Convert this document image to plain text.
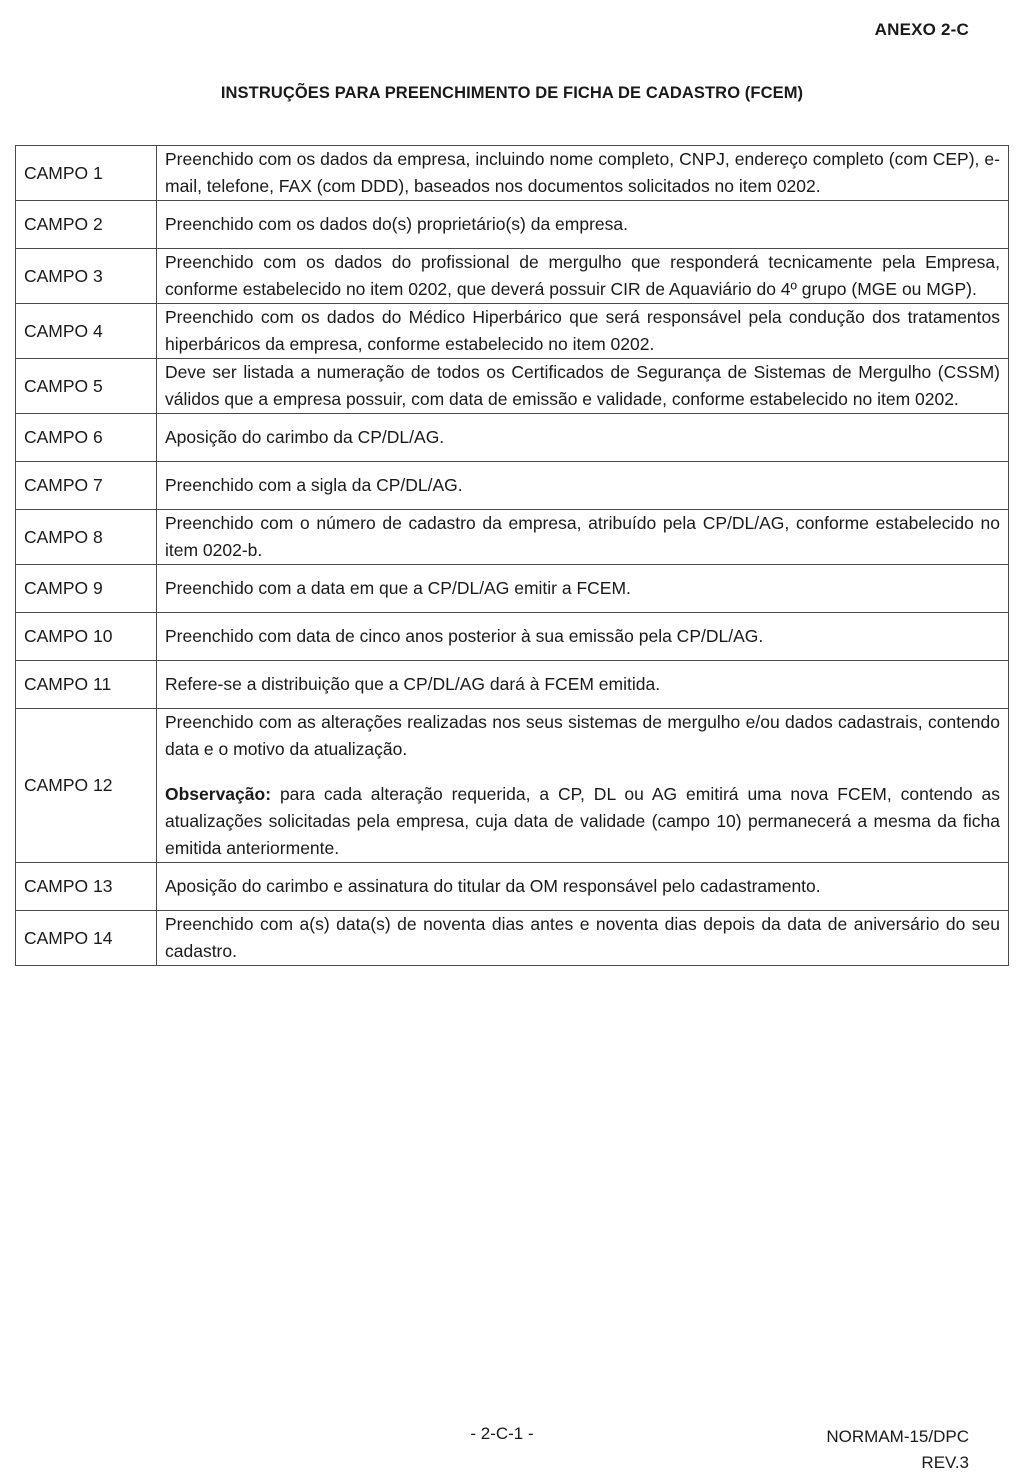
ANEXO 2-C
INSTRUÇÕES PARA PREENCHIMENTO DE FICHA DE CADASTRO (FCEM)
CAMPO 1	Preenchido com os dados da empresa, incluindo nome completo, CNPJ, endereço completo (com CEP), e-mail, telefone, FAX (com DDD), baseados nos documentos solicitados no item 0202.
CAMPO 2	Preenchido com os dados do(s) proprietário(s) da empresa.
CAMPO 3	Preenchido com os dados do profissional de mergulho que responderá tecnicamente pela Empresa, conforme estabelecido no item 0202, que deverá possuir CIR de Aquaviário do 4º grupo (MGE ou MGP).
CAMPO 4	Preenchido com os dados do Médico Hiperbárico que será responsável pela condução dos tratamentos hiperbáricos da empresa, conforme estabelecido no item 0202.
CAMPO 5	Deve ser listada a numeração de todos os Certificados de Segurança de Sistemas de Mergulho (CSSM) válidos que a empresa possuir, com data de emissão e validade, conforme estabelecido no item 0202.
CAMPO 6	Aposição do carimbo da CP/DL/AG.
CAMPO 7	Preenchido com a sigla da CP/DL/AG.
CAMPO 8	Preenchido com o número de cadastro da empresa, atribuído pela CP/DL/AG, conforme estabelecido no item 0202-b.
CAMPO 9	Preenchido com a data em que a CP/DL/AG emitir a FCEM.
CAMPO 10	Preenchido com data de cinco anos posterior à sua emissão pela CP/DL/AG.
CAMPO 11	Refere-se a distribuição que a CP/DL/AG dará à FCEM emitida.
CAMPO 12	Preenchido com as alterações realizadas nos seus sistemas de mergulho e/ou dados cadastrais, contendo data e o motivo da atualização.
Observação: para cada alteração requerida, a CP, DL ou AG emitirá uma nova FCEM, contendo as atualizações solicitadas pela empresa, cuja data de validade (campo 10) permanecerá a mesma da ficha emitida anteriormente.

CAMPO 13	Aposição do carimbo e assinatura do titular da OM responsável pelo cadastramento.
CAMPO 14	Preenchido com a(s) data(s) de noventa dias antes e noventa dias depois da data de aniversário do seu cadastro.
- 2-C-1 -	NORMAM-15/DPC
REV.3
